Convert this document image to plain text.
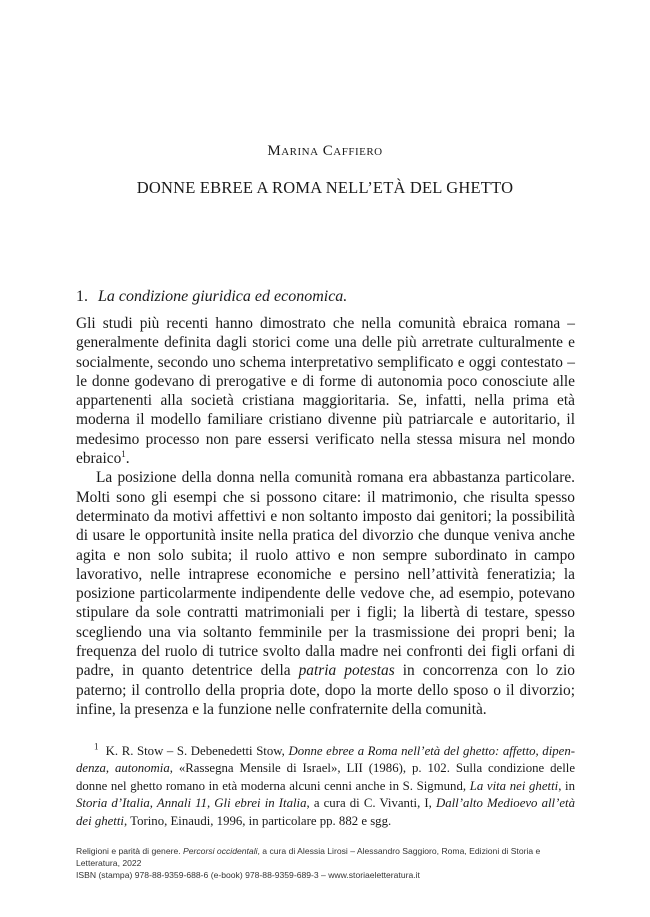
Marina Caffiero
DONNE EBREE A ROMA NELL’ETÀ DEL GHETTO
1. La condizione giuridica ed economica.

Gli studi più recenti hanno dimostrato che nella comunità ebraica romana – generalmente definita dagli storici come una delle più arretrate culturalmente e socialmente, secondo uno schema interpretativo semplificato e oggi contestato – le donne godevano di prerogative e di forme di autonomia poco conosciute alle appartenenti alla società cristiana maggioritaria. Se, infatti, nella prima età moderna il modello familiare cristiano divenne più patriarcale e autoritario, il medesimo processo non pare essersi verificato nella stessa misura nel mondo ebraico$^1$.

La posizione della donna nella comunità romana era abbastanza particolare. Molti sono gli esempi che si possono citare: il matrimonio, che risulta spesso determinato da motivi affettivi e non soltanto imposto dai genitori; la possibilità di usare le opportunità insite nella pratica del divorzio che dunque veniva anche agita e non solo subita; il ruolo attivo e non sempre subordinato in campo lavorativo, nelle intraprese economiche e persino nell’attività feneratizia; la posizione particolarmente indipendente delle vedove che, ad esempio, potevano stipulare da sole contratti matrimoniali per i figli; la libertà di testare, spesso scegliendo una via soltanto femminile per la trasmissione dei propri beni; la frequenza del ruolo di tutrice svolto dalla madre nei confronti dei figli orfani di padre, in quanto detentrice della patria potestas in concorrenza con lo zio paterno; il controllo della propria dote, dopo la morte dello sposo o il divorzio; infine, la presenza e la funzione nelle confraternite della comunità.

$^1$ K. R. Stow – S. Debenedetti Stow, Donne ebree a Roma nell’età del ghetto: affetto, dipendenza, autonomia, «Rassegna Mensile di Israel», LII (1986), p. 102. Sulla condizione delle donne nel ghetto romano in età moderna alcuni cenni anche in S. Sigmund, La vita nei ghetti, in Storia d’Italia, Annali 11, Gli ebrei in Italia, a cura di C. Vivanti, I, Dall’alto Medioevo all’età dei ghetti, Torino, Einaudi, 1996, in particolare pp. 882 e sgg.
Religioni e parità di genere. Percorsi occidentali, a cura di Alessia Lirosi – Alessandro Saggioro, Roma, Edizioni di Storia e Letteratura, 2022
ISBN (stampa) 978-88-9359-688-6 (e-book) 978-88-9359-689-3 – www.storiaeletteratura.it
